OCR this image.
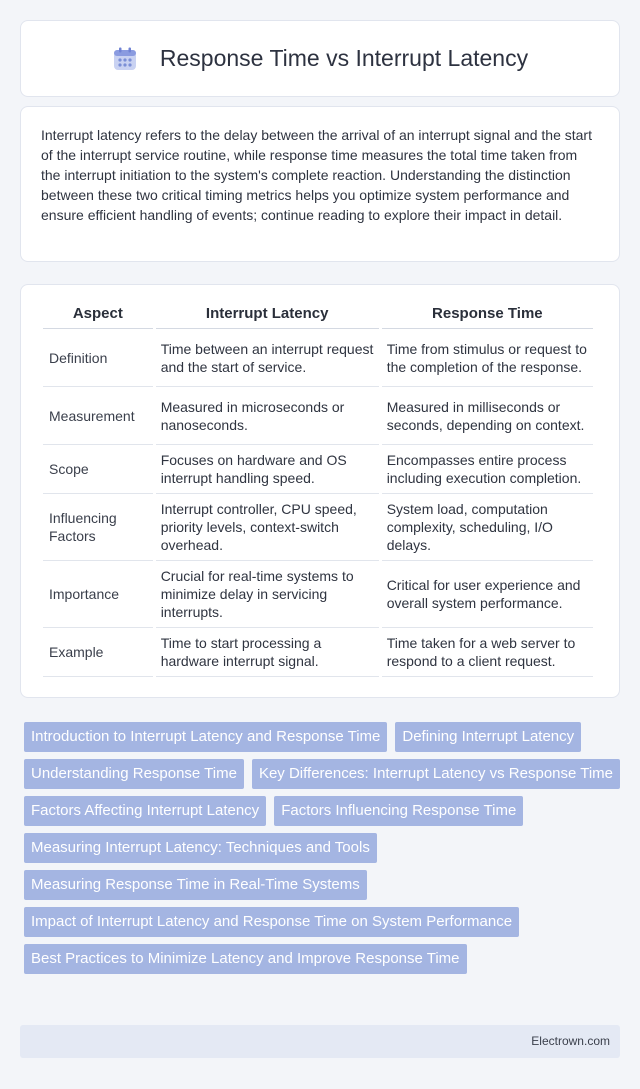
Response Time vs Interrupt Latency

Interrupt latency refers to the delay between the arrival of an interrupt signal and the start of the interrupt service routine, while response time measures the total time taken from the interrupt initiation to the system's complete reaction. Understanding the distinction between these two critical timing metrics helps you optimize system performance and ensure efficient handling of events; continue reading to explore their impact in detail.

Aspect	Interrupt Latency	Response Time
Definition	Time between an interrupt request and the start of service.	Time from stimulus or request to the completion of the response.
Measurement	Measured in microseconds or nanoseconds.	Measured in milliseconds or seconds, depending on context.
Scope	Focuses on hardware and OS interrupt handling speed.	Encompasses entire process including execution completion.
Influencing Factors	Interrupt controller, CPU speed, priority levels, context-switch overhead.	System load, computation complexity, scheduling, I/O delays.
Importance	Crucial for real-time systems to minimize delay in servicing interrupts.	Critical for user experience and overall system performance.
Example	Time to start processing a hardware interrupt signal.	Time taken for a web server to respond to a client request.
Introduction to Interrupt Latency and Response Time	Defining Interrupt Latency
Understanding Response Time	Key Differences: Interrupt Latency vs Response Time
Factors Affecting Interrupt Latency	Factors Influencing Response Time
Measuring Interrupt Latency: Techniques and Tools
Measuring Response Time in Real-Time Systems
Impact of Interrupt Latency and Response Time on System Performance
Best Practices to Minimize Latency and Improve Response Time
Electrown.com
